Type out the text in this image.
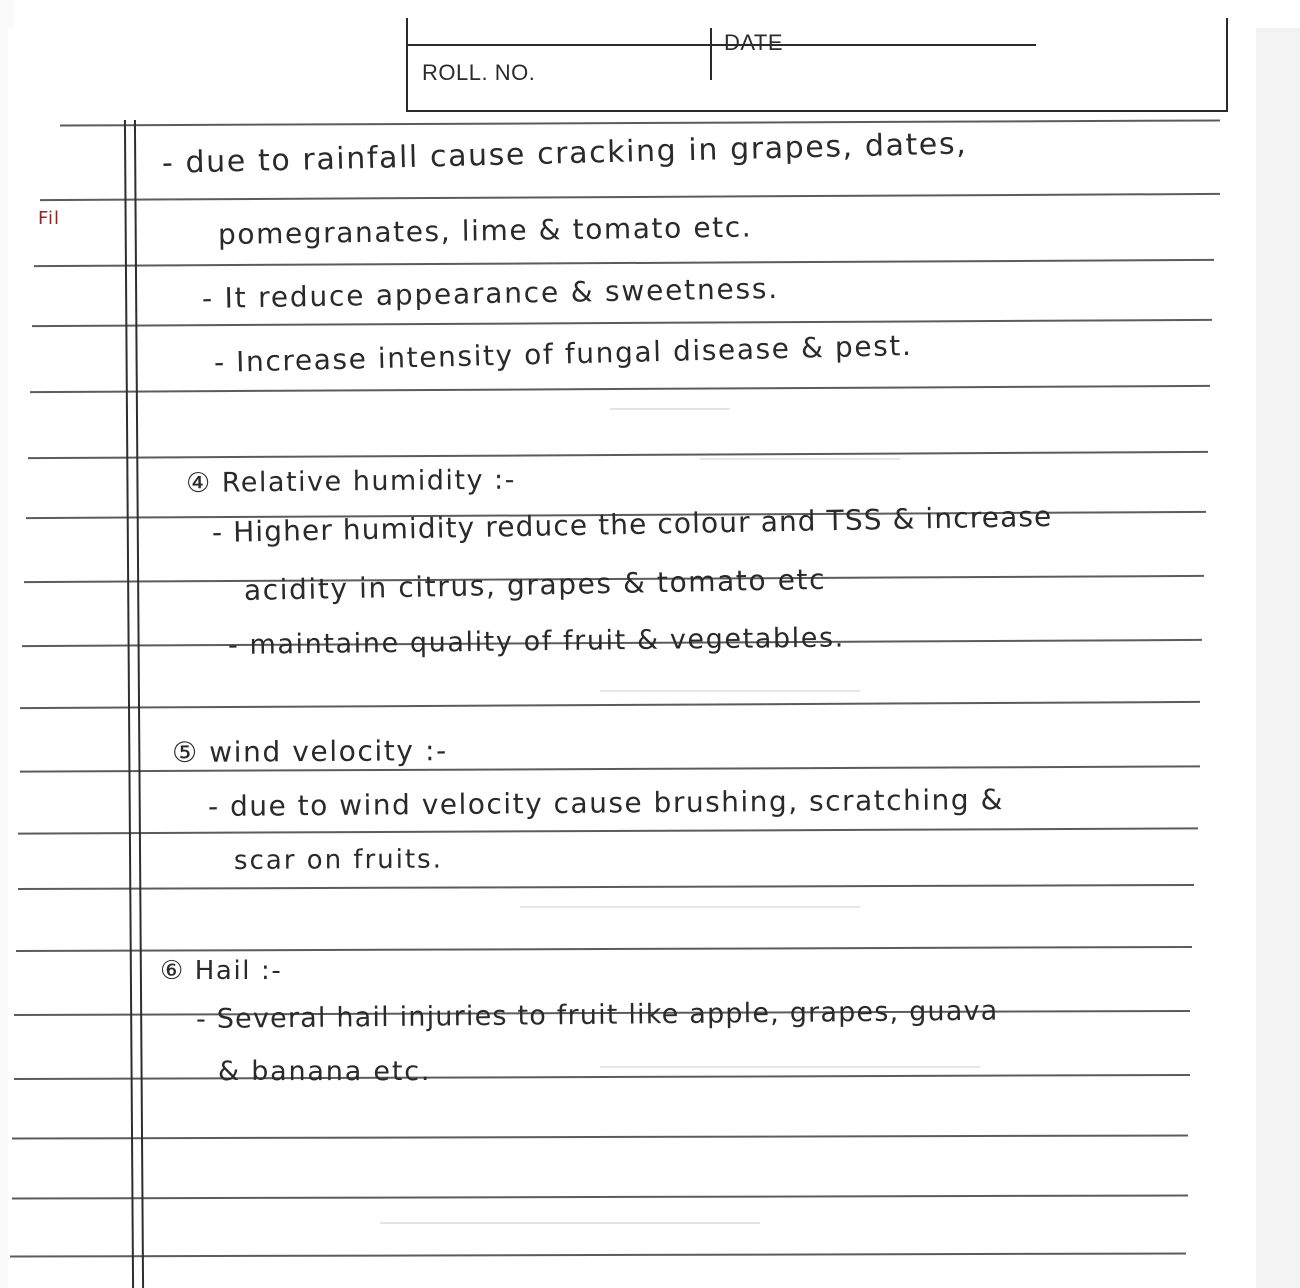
ROLL. NO.
DATE
Fil
- due to rainfall cause cracking in grapes, dates,
pomegranates, lime & tomato etc.
- It reduce appearance & sweetness.
- Increase intensity of fungal disease & pest.
④ Relative humidity :-
- Higher humidity reduce the colour and TSS & increase
acidity in citrus, grapes & tomato etc
- maintaine quality of fruit & vegetables.
⑤ wind velocity :-
- due to wind velocity cause brushing, scratching &
scar on fruits.
⑥ Hail :-
- Several hail injuries to fruit like apple, grapes, guava
& banana etc.
